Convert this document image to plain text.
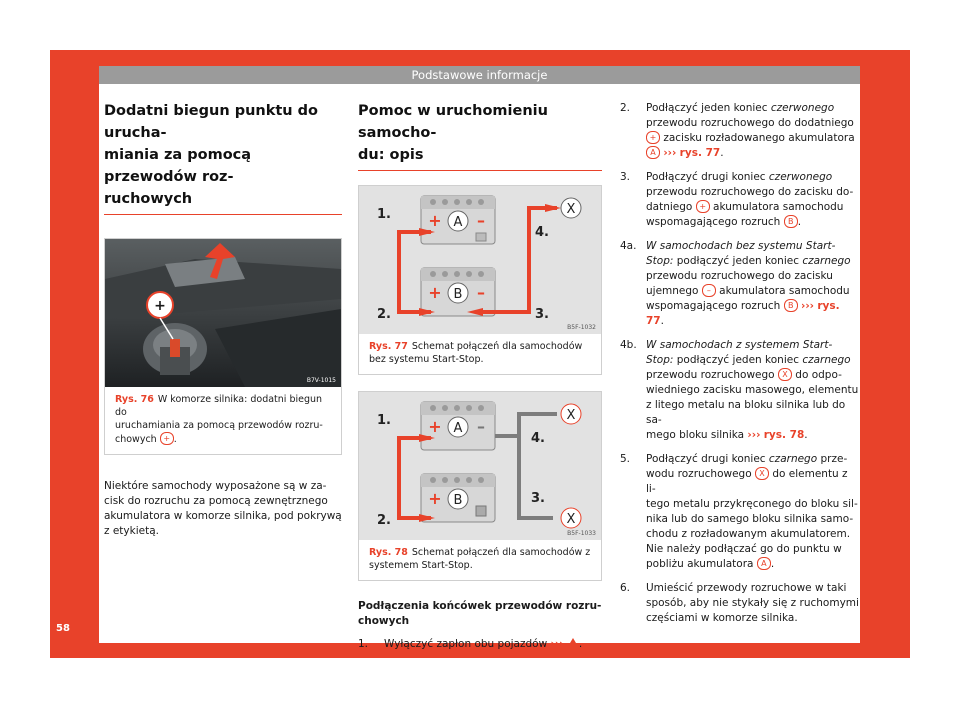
58
Podstawowe informacje
Dodatni biegun punktu do urucha-
miania za pomocą przewodów roz-
ruchowych
+
B7V-1015
Rys. 76 W komorze silnika: dodatni biegun do
uruchamiania za pomocą przewodów rozru-
chowych + .
Niektóre samochody wyposażone są w za-
cisk do rozruchu za pomocą zewnętrznego
akumulatora w komorze silnika, pod pokrywą
z etykietą.
Pomoc w uruchomieniu samocho-
du: opis
A
+ –
B
+ –
X
1.
2.	3.
4.
B5F-1032
Rys. 77 Schemat połączeń dla samochodów
bez systemu Start-Stop.
A
+ –
B
+
X
X
1.
2.
3.
4.
B5F-1033
Rys. 78 Schemat połączeń dla samochodów z
systemem Start-Stop.
Podłączenia końcówek przewodów rozru-
chowych
1.	Wyłączyć zapłon obu pojazdów ››› .
2.	Podłączyć jeden koniec czerwonego
przewodu rozruchowego do dodatniego
+ zacisku rozładowanego akumulatora
A ››› rys. 77.
3.	Podłączyć drugi koniec czerwonego
przewodu rozruchowego do zacisku do-
datniego + akumulatora samochodu
wspomagającego rozruch B .
4a. W samochodach bez systemu Start-
Stop: podłączyć jeden koniec czarnego
przewodu rozruchowego do zacisku
ujemnego – akumulatora samochodu
wspomagającego rozruch B ››› rys. 77.
4b. W samochodach z systemem Start-
Stop: podłączyć jeden koniec czarnego
przewodu rozruchowego X do odpo-
wiedniego zacisku masowego, elementu
z litego metalu na bloku silnika lub do sa-
mego bloku silnika ››› rys. 78.
5.	Podłączyć drugi koniec czarnego prze-
wodu rozruchowego X do elementu z li-
tego metalu przykręconego do bloku sil-
nika lub do samego bloku silnika samo-
chodu z rozładowanym akumulatorem.
Nie należy podłączać go do punktu w
pobliżu akumulatora A .
6.	Umieścić przewody rozruchowe w taki
sposób, aby nie stykały się z ruchomymi
częściami w komorze silnika.
